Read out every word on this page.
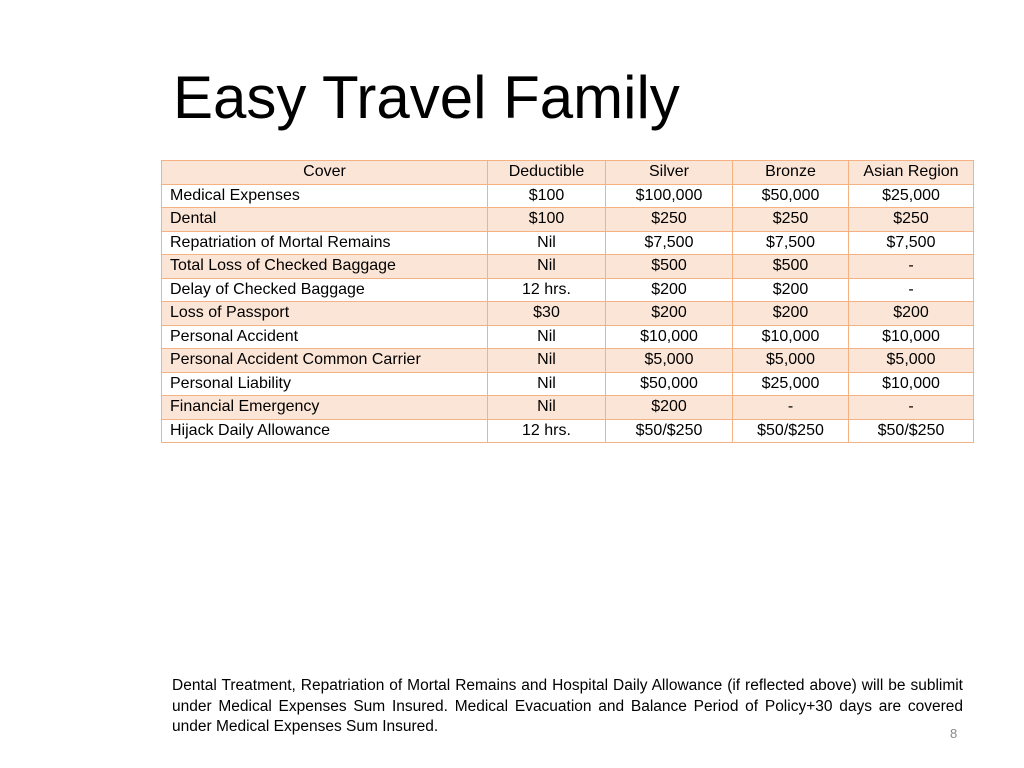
Easy Travel Family
Cover	Deductible	Silver	Bronze	Asian Region
Medical Expenses	$100	$100,000	$50,000	$25,000
Dental	$100	$250	$250	$250
Repatriation of Mortal Remains	Nil	$7,500	$7,500	$7,500
Total Loss of Checked Baggage	Nil	$500	$500	-
Delay of Checked Baggage	12 hrs.	$200	$200	-
Loss of Passport	$30	$200	$200	$200
Personal Accident	Nil	$10,000	$10,000	$10,000
Personal Accident Common Carrier	Nil	$5,000	$5,000	$5,000
Personal Liability	Nil	$50,000	$25,000	$10,000
Financial Emergency	Nil	$200	-	-
Hijack Daily Allowance	12 hrs.	$50/$250	$50/$250	$50/$250
Dental Treatment, Repatriation of Mortal Remains and Hospital Daily Allowance (if reflected above) will be sublimit under Medical Expenses Sum Insured. Medical Evacuation and Balance Period of Policy+30 days are covered under Medical Expenses Sum Insured.	8
